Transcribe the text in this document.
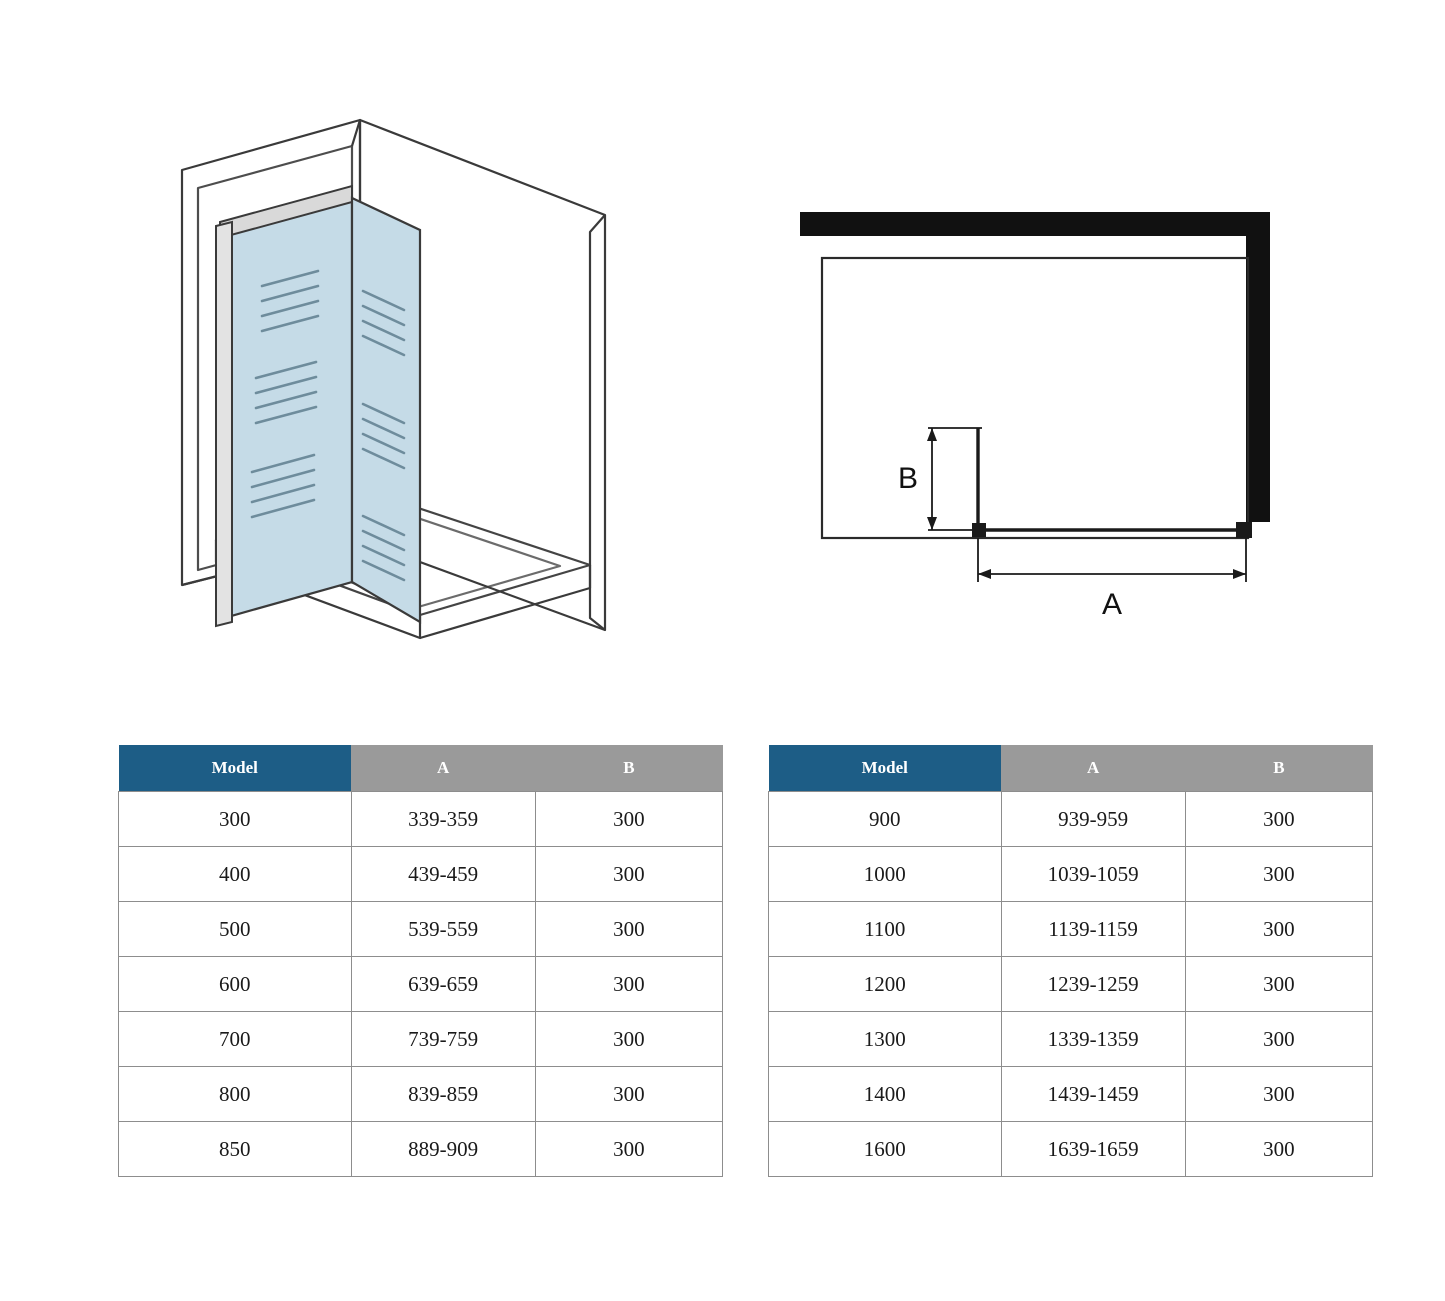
B
A
Model	A	B
300	339-359	300
400	439-459	300
500	539-559	300
600	639-659	300
700	739-759	300
800	839-859	300
850	889-909	300
Model	A	B
900	939-959	300
1000	1039-1059	300
1100	1139-1159	300
1200	1239-1259	300
1300	1339-1359	300
1400	1439-1459	300
1600	1639-1659	300
